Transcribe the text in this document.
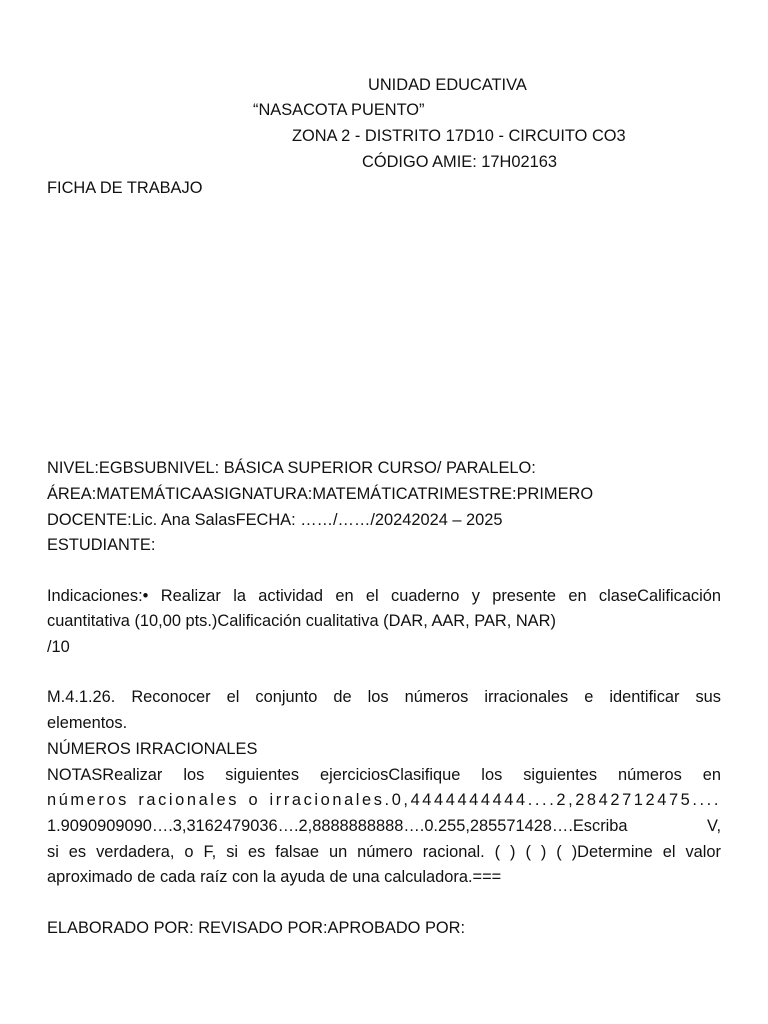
UNIDAD EDUCATIVA
“NASACOTA PUENTO”
ZONA 2 - DISTRITO 17D10 - CIRCUITO CO3
CÓDIGO AMIE: 17H02163
FICHA DE TRABAJO
NIVEL:EGBSUBNIVEL: BÁSICA SUPERIOR CURSO/ PARALELO:
ÁREA:MATEMÁTICAASIGNATURA:MATEMÁTICATRIMESTRE:PRIMERO
DOCENTE:Lic. Ana SalasFECHA: ……/……/20242024 – 2025
ESTUDIANTE:
Indicaciones:• Realizar la actividad en el cuaderno y presente en claseCalificación
cuantitativa (10,00 pts.)Calificación cualitativa (DAR, AAR, PAR, NAR)
/10
M.4.1.26. Reconocer el conjunto de los números irracionales e identificar sus
elementos.
NÚMEROS IRRACIONALES
NOTASRealizar los siguientes ejerciciosClasifique los siguientes números en
números racionales o irracionales.0,4444444444....2,2842712475....
1.9090909090….3,3162479036….2,8888888888….0.255,285571428….Escriba V,
si es verdadera, o F, si es falsae un número racional. ( ) ( ) ( )Determine el valor
aproximado de cada raíz con la ayuda de una calculadora.===
ELABORADO POR: REVISADO POR:APROBADO POR:
